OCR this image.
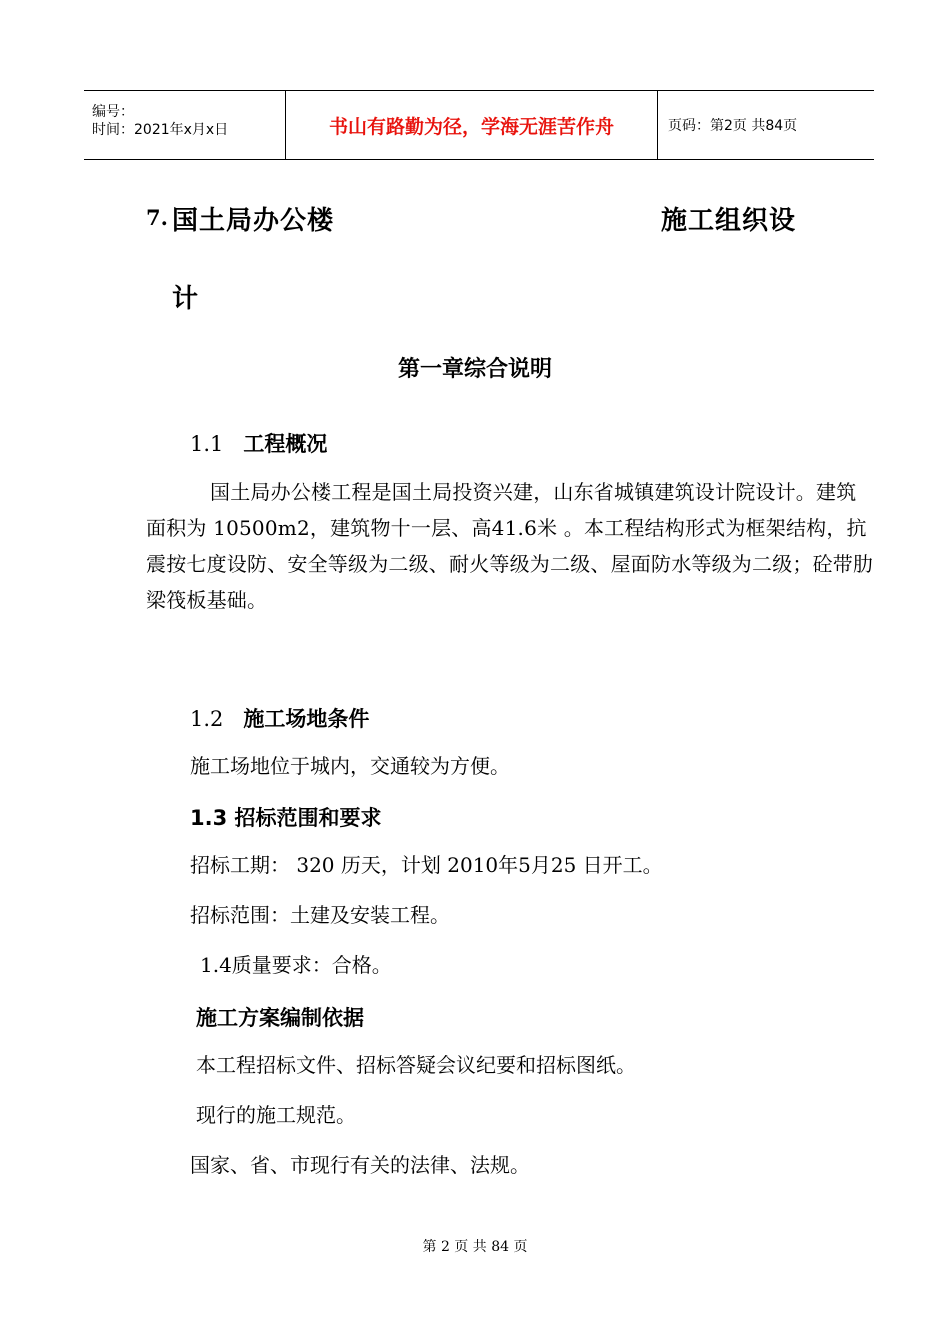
编号：
时间：2021年x月x日	书山有路勤为径，学海无涯苦作舟	页码：第2页 共84页
7. 国土局办公楼	施工组织设
计
第一章综合说明
1.1 工程概况
国土局办公楼工程是国土局投资兴建，山东省城镇建筑设计院设计。建筑面积为 10500m2，建筑物十一层、高41.6米 。本工程结构形式为框架结构，抗震按七度设防、安全等级为二级、耐火等级为二级、屋面防水等级为二级；砼带肋梁筏板基础。
1.2 施工场地条件
施工场地位于城内，交通较为方便。
1.3 招标范围和要求
招标工期： 320 历天，计划 2010年5月25 日开工。
招标范围：土建及安装工程。
1.4质量要求：合格。
施工方案编制依据
本工程招标文件、招标答疑会议纪要和招标图纸。
现行的施工规范。
国家、省、市现行有关的法律、法规。
第 2 页 共 84 页
